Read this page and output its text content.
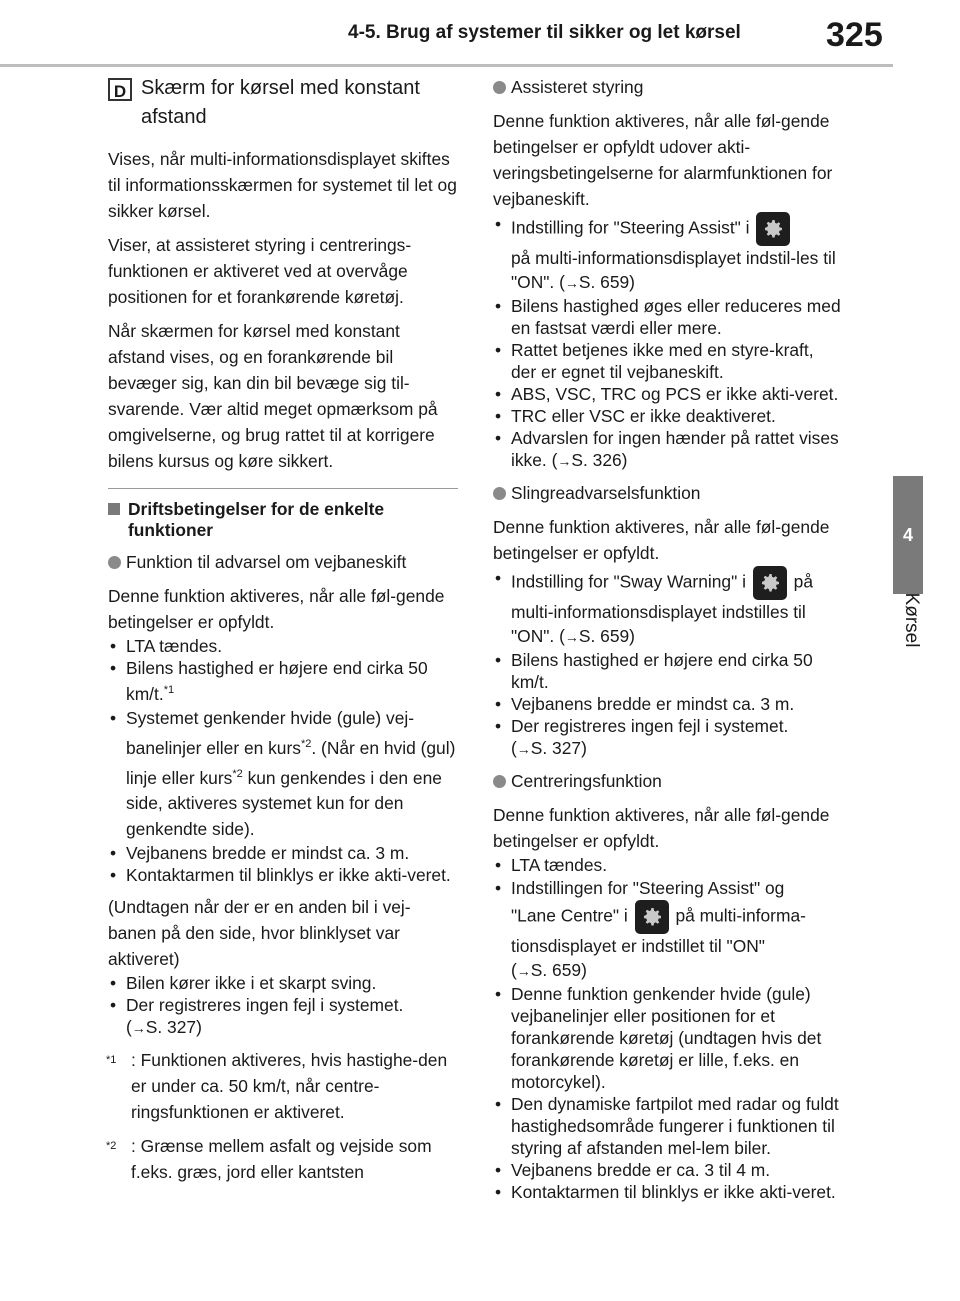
4-5. Brug af systemer til sikker og let kørsel	325
4
Kørsel
D Skærm for kørsel med konstant afstand

Vises, når multi-informationsdisplayet skiftes til informationsskærmen for systemet til let og sikker kørsel.

Viser, at assisteret styring i centrerings-funktionen er aktiveret ved at overvåge positionen for et forankørende køretøj.

Når skærmen for kørsel med konstant afstand vises, og en forankørende bil bevæger sig, kan din bil bevæge sig til-svarende. Vær altid meget opmærksom på omgivelserne, og brug rattet til at korrigere bilens kursus og køre sikkert.

Driftsbetingelser for de enkelte funktioner
Funktion til advarsel om vejbaneskift

Denne funktion aktiveres, når alle føl-gende betingelser er opfyldt.

• LTA tændes.
• Bilens hastighed er højere end cirka 50 km/t.$^{*1}$
• Systemet genkender hvide (gule) vej-banelinjer eller en kurs$^{*2}$. (Når en hvid (gul) linje eller kurs$^{*2}$ kun genkendes i den ene side, aktiveres systemet kun for den genkendte side).
• Vejbanens bredde er mindst ca. 3 m.
• Kontaktarmen til blinklys er ikke akti-veret.

(Undtagen når der er en anden bil i vej-banen på den side, hvor blinklyset var aktiveret)

• Bilen kører ikke i et skarpt sving.
• Der registreres ingen fejl i systemet.
(→S. 327)
*1 : Funktionen aktiveres, hvis hastighe-den er under ca. 50 km/t, når centre-ringsfunktionen er aktiveret.
*2 : Grænse mellem asfalt og vejside som f.eks. græs, jord eller kantsten
Assisteret styring

Denne funktion aktiveres, når alle føl-gende betingelser er opfyldt udover akti-veringsbetingelserne for alarmfunktionen for vejbaneskift.

• Indstilling for "Steering Assist" i

på multi-informationsdisplayet indstil-les til "ON". (→S. 659)
• Bilens hastighed øges eller reduceres med en fastsat værdi eller mere.
• Rattet betjenes ikke med en styre-kraft, der er egnet til vejbaneskift.
• ABS, VSC, TRC og PCS er ikke akti-veret.
• TRC eller VSC er ikke deaktiveret.
• Advarslen for ingen hænder på rattet vises ikke. (→S. 326)
Slingreadvarselsfunktion

Denne funktion aktiveres, når alle føl-gende betingelser er opfyldt.

• Indstilling for "Sway Warning" i	på
multi-informationsdisplayet indstilles til "ON". (→S. 659)
• Bilens hastighed er højere end cirka 50 km/t.
• Vejbanens bredde er mindst ca. 3 m.
• Der registreres ingen fejl i systemet.
(→S. 327)
Centreringsfunktion

Denne funktion aktiveres, når alle føl-gende betingelser er opfyldt.

• LTA tændes.
• Indstillingen for "Steering Assist" og
"Lane Centre" i	på multi-informa-
tionsdisplayet er indstillet til "ON"
(→S. 659)
• Denne funktion genkender hvide (gule) vejbanelinjer eller positionen for et forankørende køretøj (undtagen hvis det forankørende køretøj er lille, f.eks. en motorcykel).
• Den dynamiske fartpilot med radar og fuldt hastighedsområde fungerer i funktionen til styring af afstanden mel-lem biler.
• Vejbanens bredde er ca. 3 til 4 m.
• Kontaktarmen til blinklys er ikke akti-veret.
